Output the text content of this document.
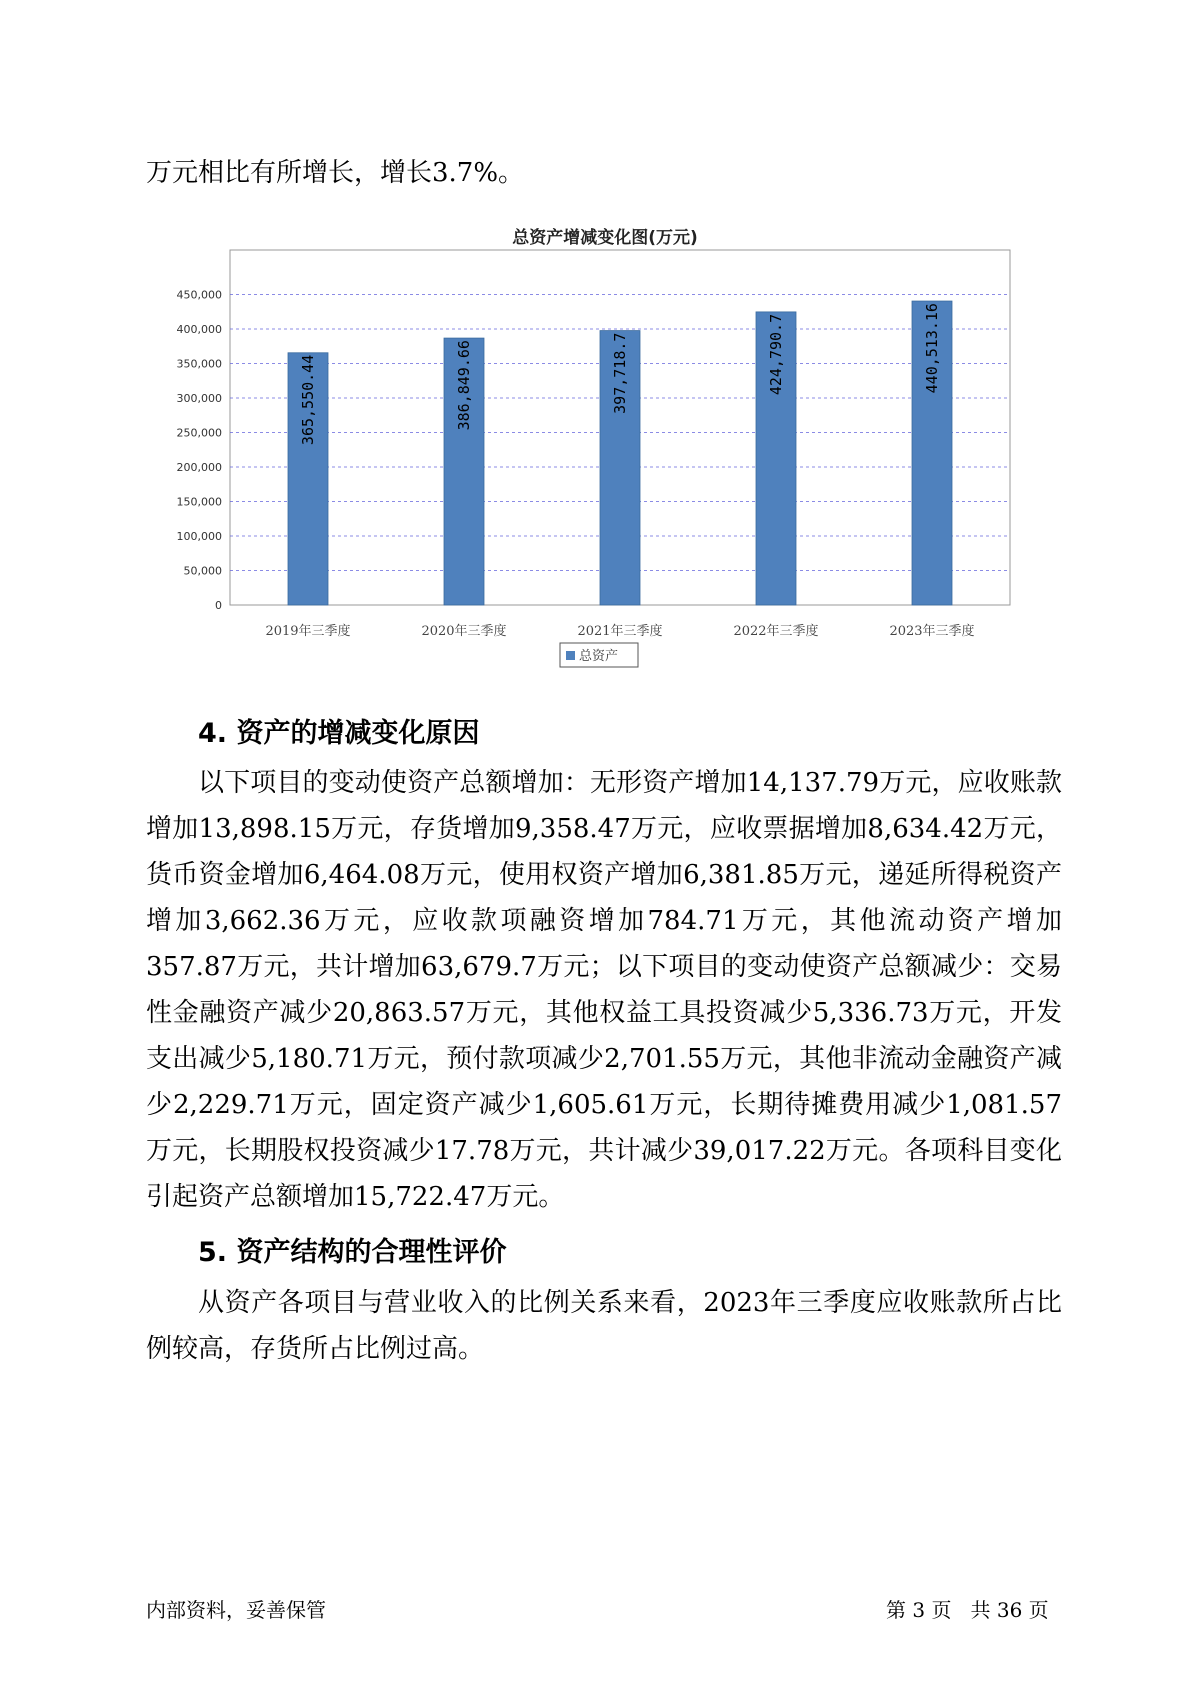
万元相比有所增长，增长3.7%。

总资产增减变化图(万元)
0
50,000
100,000
150,000
200,000
250,000
300,000
350,000
400,000
450,000
365,550.44
2019年三季度
386,849.66
2020年三季度
397,718.7
2021年三季度
424,790.7
2022年三季度
440,513.16
2023年三季度
总资产
4. 资产的增减变化原因

以下项目的变动使资产总额增加：无形资产增加14,137.79万元，应收账款增加13,898.15万元，存货增加9,358.47万元，应收票据增加8,634.42万元，货币资金增加6,464.08万元，使用权资产增加6,381.85万元，递延所得税资产增加3,662.36万元，应收款项融资增加784.71万元，其他流动资产增加357.87万元，共计增加63,679.7万元；以下项目的变动使资产总额减少：交易性金融资产减少20,863.57万元，其他权益工具投资减少5,336.73万元，开发支出减少5,180.71万元，预付款项减少2,701.55万元，其他非流动金融资产减少2,229.71万元，固定资产减少1,605.61万元，长期待摊费用减少1,081.57万元，长期股权投资减少17.78万元，共计减少39,017.22万元。各项科目变化引起资产总额增加15,722.47万元。

5. 资产结构的合理性评价

从资产各项目与营业收入的比例关系来看，2023年三季度应收账款所占比例较高，存货所占比例过高。

内部资料，妥善保管	第 3 页   共 36 页
